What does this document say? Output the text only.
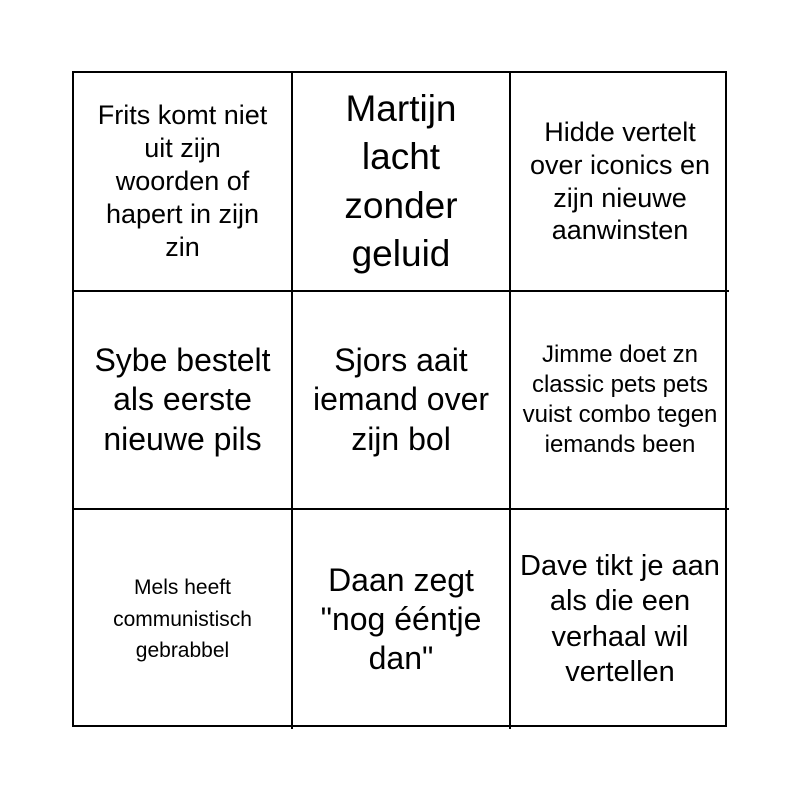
Frits komt niet uit zijn woorden of hapert in zijn zin
Martijn lacht zonder geluid
Hidde vertelt over iconics en zijn nieuwe aanwinsten
Sybe bestelt als eerste nieuwe pils
Sjors aait iemand over zijn bol
Jimme doet zn classic pets pets vuist combo tegen iemands been
Mels heeft communistisch gebrabbel
Daan zegt "nog ééntje dan"
Dave tikt je aan als die een verhaal wil vertellen
